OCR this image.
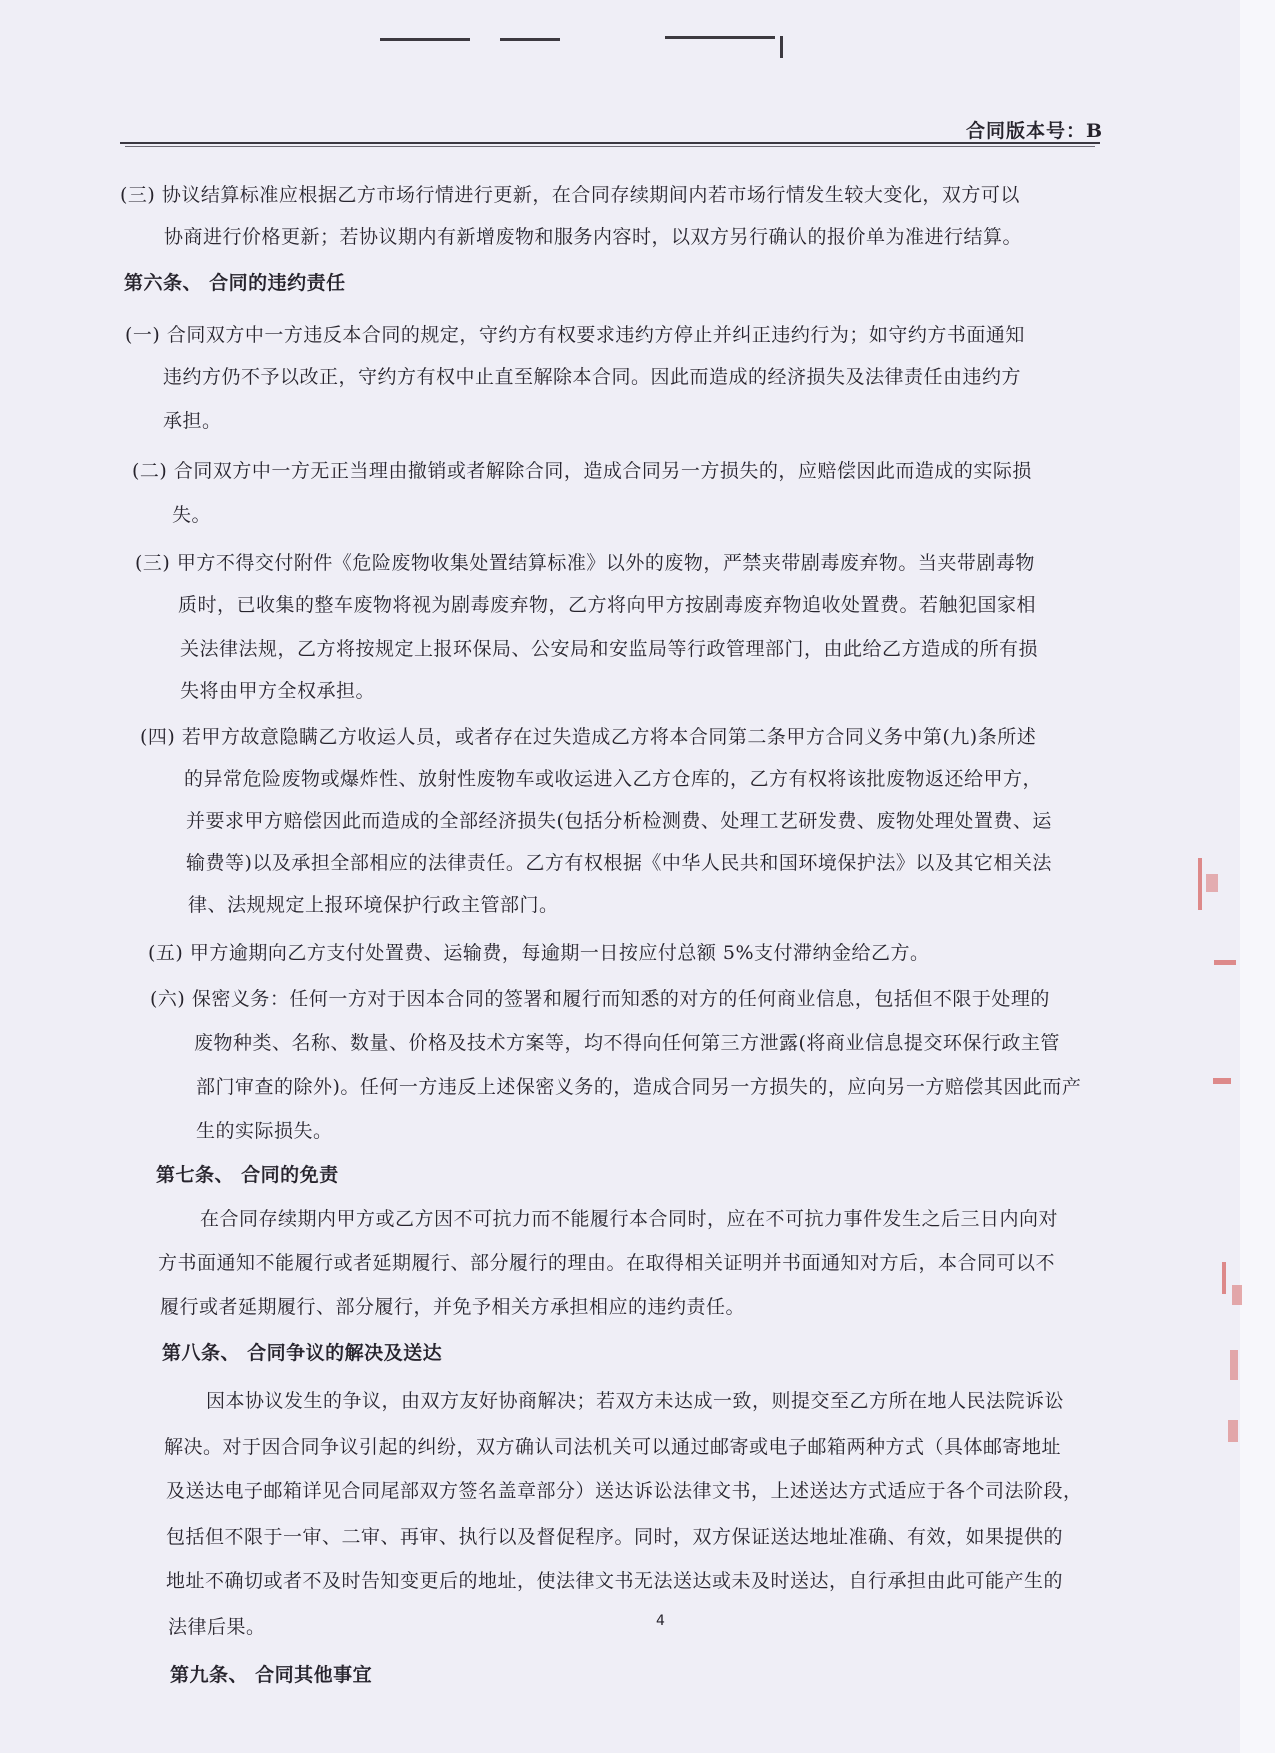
合同版本号：B
(三) 协议结算标准应根据乙方市场行情进行更新，在合同存续期间内若市场行情发生较大变化，双方可以
协商进行价格更新；若协议期内有新增废物和服务内容时，以双方另行确认的报价单为准进行结算。
第六条、 合同的违约责任
(一) 合同双方中一方违反本合同的规定，守约方有权要求违约方停止并纠正违约行为；如守约方书面通知
违约方仍不予以改正，守约方有权中止直至解除本合同。因此而造成的经济损失及法律责任由违约方
承担。
(二) 合同双方中一方无正当理由撤销或者解除合同，造成合同另一方损失的，应赔偿因此而造成的实际损
失。
(三) 甲方不得交付附件《危险废物收集处置结算标准》以外的废物，严禁夹带剧毒废弃物。当夹带剧毒物
质时，已收集的整车废物将视为剧毒废弃物，乙方将向甲方按剧毒废弃物追收处置费。若触犯国家相
关法律法规，乙方将按规定上报环保局、公安局和安监局等行政管理部门，由此给乙方造成的所有损
失将由甲方全权承担。
(四) 若甲方故意隐瞒乙方收运人员，或者存在过失造成乙方将本合同第二条甲方合同义务中第(九)条所述
的异常危险废物或爆炸性、放射性废物车或收运进入乙方仓库的，乙方有权将该批废物返还给甲方，
并要求甲方赔偿因此而造成的全部经济损失(包括分析检测费、处理工艺研发费、废物处理处置费、运
输费等)以及承担全部相应的法律责任。乙方有权根据《中华人民共和国环境保护法》以及其它相关法
律、法规规定上报环境保护行政主管部门。
(五) 甲方逾期向乙方支付处置费、运输费，每逾期一日按应付总额 5%支付滞纳金给乙方。
(六) 保密义务：任何一方对于因本合同的签署和履行而知悉的对方的任何商业信息，包括但不限于处理的
废物种类、名称、数量、价格及技术方案等，均不得向任何第三方泄露(将商业信息提交环保行政主管
部门审查的除外)。任何一方违反上述保密义务的，造成合同另一方损失的，应向另一方赔偿其因此而产
生的实际损失。
第七条、 合同的免责
在合同存续期内甲方或乙方因不可抗力而不能履行本合同时，应在不可抗力事件发生之后三日内向对
方书面通知不能履行或者延期履行、部分履行的理由。在取得相关证明并书面通知对方后，本合同可以不
履行或者延期履行、部分履行，并免予相关方承担相应的违约责任。
第八条、 合同争议的解决及送达
因本协议发生的争议，由双方友好协商解决；若双方未达成一致，则提交至乙方所在地人民法院诉讼
解决。对于因合同争议引起的纠纷，双方确认司法机关可以通过邮寄或电子邮箱两种方式（具体邮寄地址
及送达电子邮箱详见合同尾部双方签名盖章部分）送达诉讼法律文书，上述送达方式适应于各个司法阶段，
包括但不限于一审、二审、再审、执行以及督促程序。同时，双方保证送达地址准确、有效，如果提供的
地址不确切或者不及时告知变更后的地址，使法律文书无法送达或未及时送达，自行承担由此可能产生的
法律后果。
第九条、 合同其他事宜
4
